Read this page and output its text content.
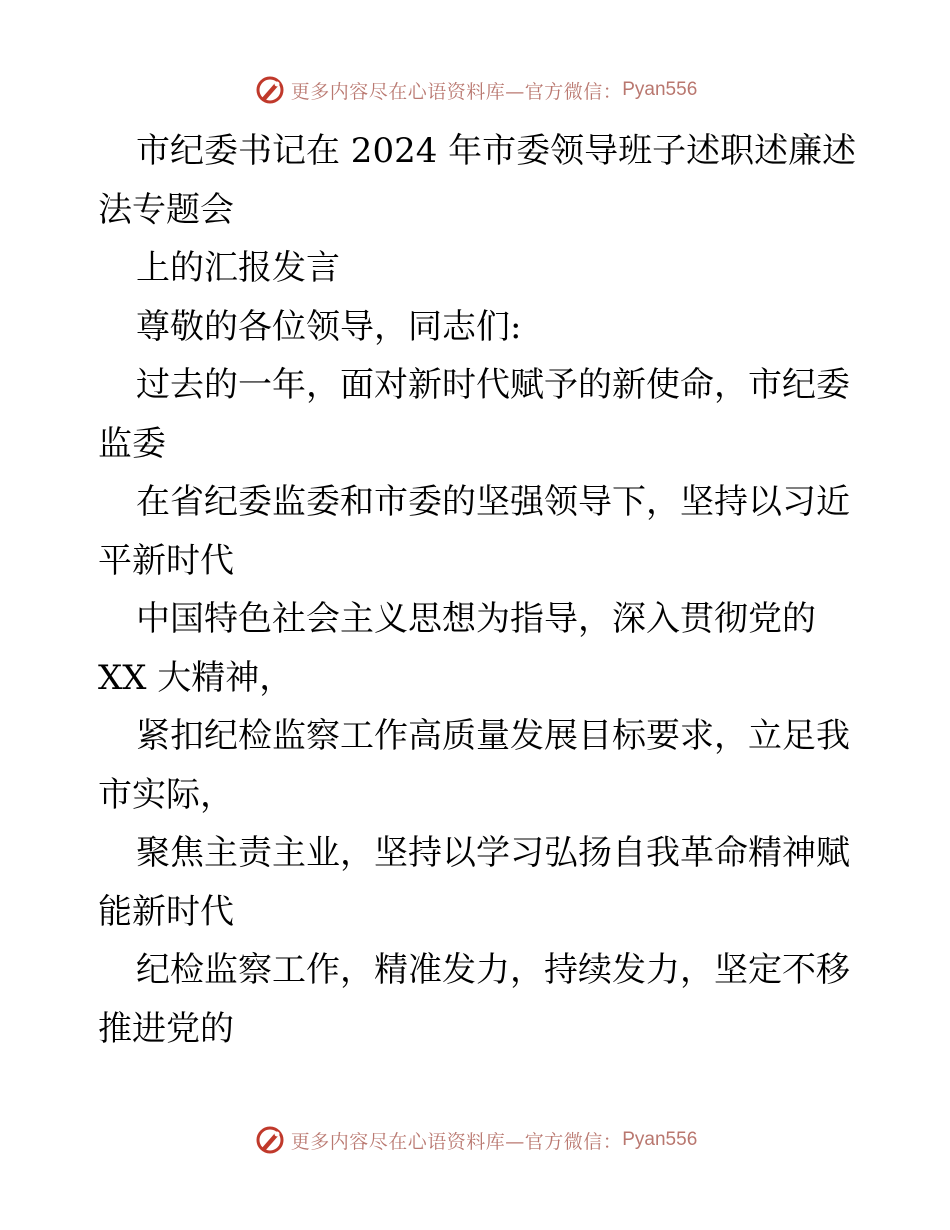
更多内容尽在心语资料库—官方微信： Pyan556
市纪委书记在 2024 年市委领导班子述职述廉述
法专题会
上的汇报发言
尊敬的各位领导，同志们:
过去的一年，面对新时代赋予的新使命，市纪委
监委
在省纪委监委和市委的坚强领导下，坚持以习近
平新时代
中国特色社会主义思想为指导，深入贯彻党的
XX 大精神，
紧扣纪检监察工作高质量发展目标要求，立足我
市实际，
聚焦主责主业，坚持以学习弘扬自我革命精神赋
能新时代
纪检监察工作，精准发力，持续发力，坚定不移
推进党的
更多内容尽在心语资料库—官方微信： Pyan556
